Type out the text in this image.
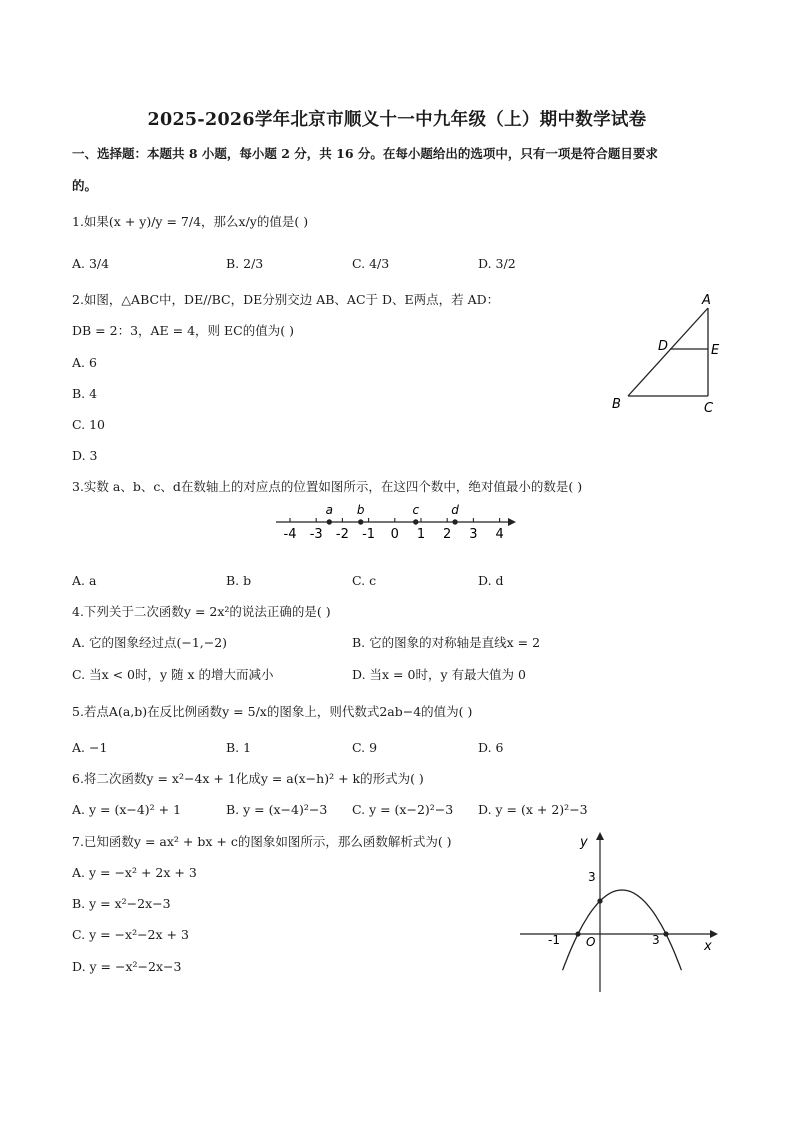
2025-2026学年北京市顺义十一中九年级（上）期中数学试卷
一、选择题：本题共 8 小题，每小题 2 分，共 16 分。在每小题给出的选项中，只有一项是符合题目要求
的。
1.如果(x + y)/y = 7/4，那么x/y的值是( )
A. 3/4	B. 2/3	C. 4/3	D. 3/2
2.如图，△ABC中，DE//BC，DE分别交边 AB、AC于 D、E两点，若 AD：
DB = 2：3，AE = 4，则 EC的值为( )
A. 6
B. 4
C. 10
D. 3
A
B	C
D	E
3.实数 a、b、c、d在数轴上的对应点的位置如图所示，在这四个数中，绝对值最小的数是( )
-4 -3 -2 -1 0 1 2 3 4
a b	c	d
A. a	B. b	C. c	D. d
4.下列关于二次函数y = 2x²的说法正确的是( )
A. 它的图象经过点(−1,−2)	B. 它的图象的对称轴是直线x = 2
C. 当x < 0时，y 随 x 的增大而减小	D. 当x = 0时，y 有最大值为 0
5.若点A(a,b)在反比例函数y = 5/x的图象上，则代数式2ab−4的值为( )
A. −1	B. 1	C. 9	D. 6
6.将二次函数y = x²−4x + 1化成y = a(x−h)² + k的形式为( )
A. y = (x−4)² + 1	B. y = (x−4)²−3 C. y = (x−2)²−3 D. y = (x + 2)²−3
7.已知函数y = ax² + bx + c的图象如图所示，那么函数解析式为( )
A. y = −x² + 2x + 3
B. y = x²−2x−3
C. y = −x²−2x + 3
D. y = −x²−2x−3
y
x
O
3
-1	3
